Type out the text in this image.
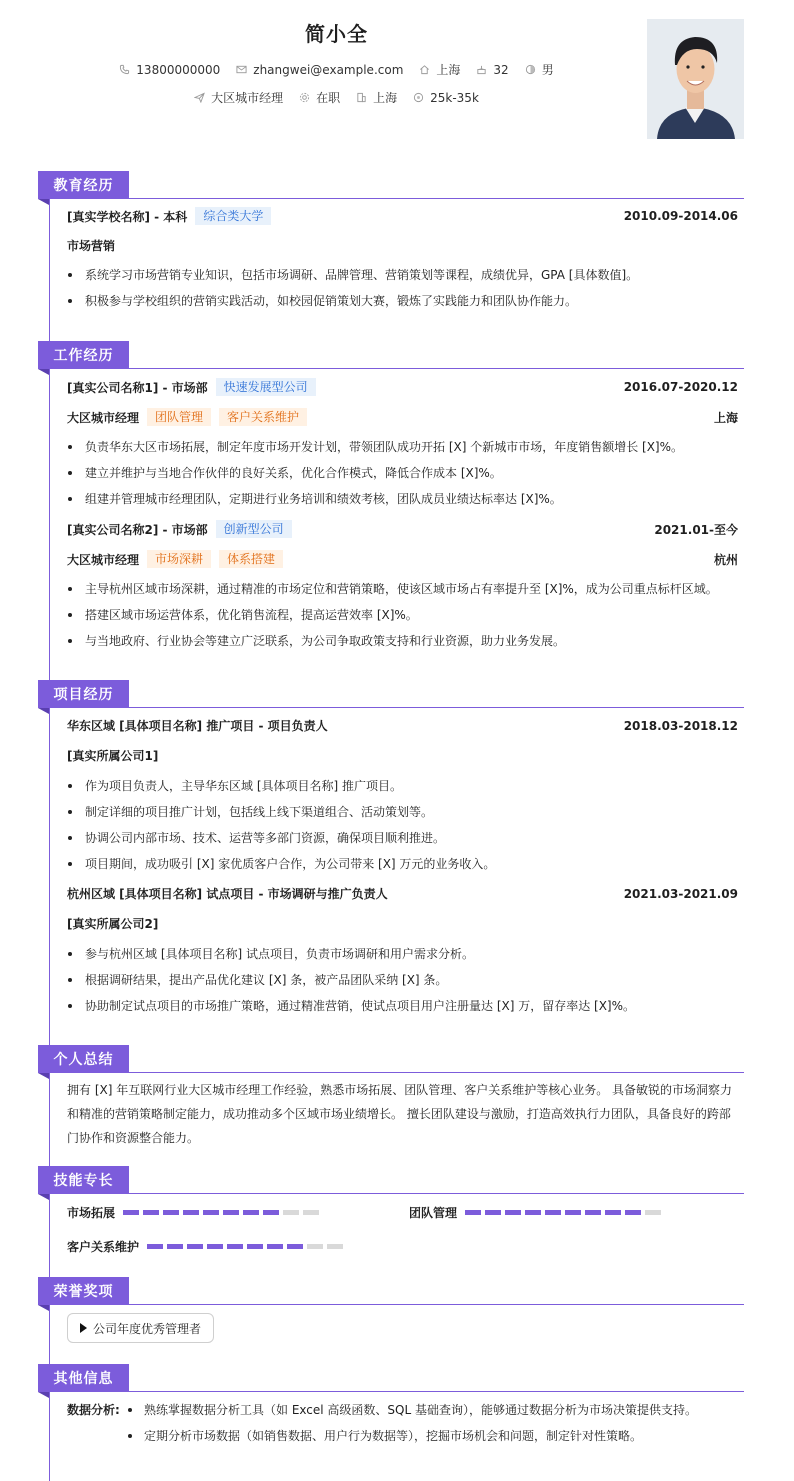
简小全
13800000000	zhangwei@example.com	上海	32	男
大区城市经理	在职	上海	25k-35k
教育经历
[真实学校名称] - 本科	综合类大学	2010.09-2014.06
市场营销
系统学习市场营销专业知识，包括市场调研、品牌管理、营销策划等课程，成绩优异，GPA [具体数值]。
积极参与学校组织的营销实践活动，如校园促销策划大赛，锻炼了实践能力和团队协作能力。
工作经历
[真实公司名称1] - 市场部	快速发展型公司	2016.07-2020.12
大区城市经理	团队管理	客户关系维护	上海
负责华东大区市场拓展，制定年度市场开发计划，带领团队成功开拓 [X] 个新城市市场，年度销售额增长 [X]%。
建立并维护与当地合作伙伴的良好关系，优化合作模式，降低合作成本 [X]%。
组建并管理城市经理团队，定期进行业务培训和绩效考核，团队成员业绩达标率达 [X]%。
[真实公司名称2] - 市场部	创新型公司	2021.01-至今
大区城市经理	市场深耕	体系搭建	杭州
主导杭州区域市场深耕，通过精准的市场定位和营销策略，使该区域市场占有率提升至 [X]%，成为公司重点标杆区域。
搭建区域市场运营体系，优化销售流程，提高运营效率 [X]%。
与当地政府、行业协会等建立广泛联系，为公司争取政策支持和行业资源，助力业务发展。
项目经历
华东区域 [具体项目名称] 推广项目 - 项目负责人	2018.03-2018.12
[真实所属公司1]
作为项目负责人，主导华东区域 [具体项目名称] 推广项目。
制定详细的项目推广计划，包括线上线下渠道组合、活动策划等。
协调公司内部市场、技术、运营等多部门资源，确保项目顺利推进。
项目期间，成功吸引 [X] 家优质客户合作，为公司带来 [X] 万元的业务收入。
杭州区域 [具体项目名称] 试点项目 - 市场调研与推广负责人	2021.03-2021.09
[真实所属公司2]
参与杭州区域 [具体项目名称] 试点项目，负责市场调研和用户需求分析。
根据调研结果，提出产品优化建议 [X] 条，被产品团队采纳 [X] 条。
协助制定试点项目的市场推广策略，通过精准营销，使试点项目用户注册量达 [X] 万，留存率达 [X]%。
个人总结
拥有 [X] 年互联网行业大区城市经理工作经验，熟悉市场拓展、团队管理、客户关系维护等核心业务。 具备敏锐的市场洞察力
和精准的营销策略制定能力，成功推动多个区域市场业绩增长。 擅长团队建设与激励，打造高效执行力团队，具备良好的跨部
门协作和资源整合能力。
技能专长
市场拓展	团队管理
客户关系维护
荣誉奖项
公司年度优秀管理者
其他信息
数据分析:	熟练掌握数据分析工具（如 Excel 高级函数、SQL 基础查询），能够通过数据分析为市场决策提供支持。
定期分析市场数据（如销售数据、用户行为数据等），挖掘市场机会和问题，制定针对性策略。
